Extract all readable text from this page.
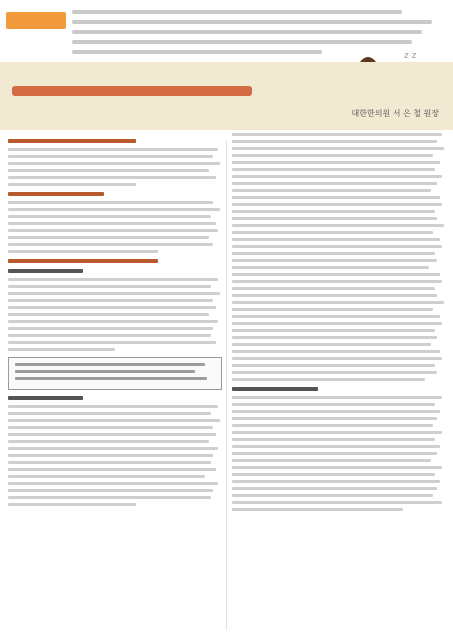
z z
대한한의원 서 은 철 원장
